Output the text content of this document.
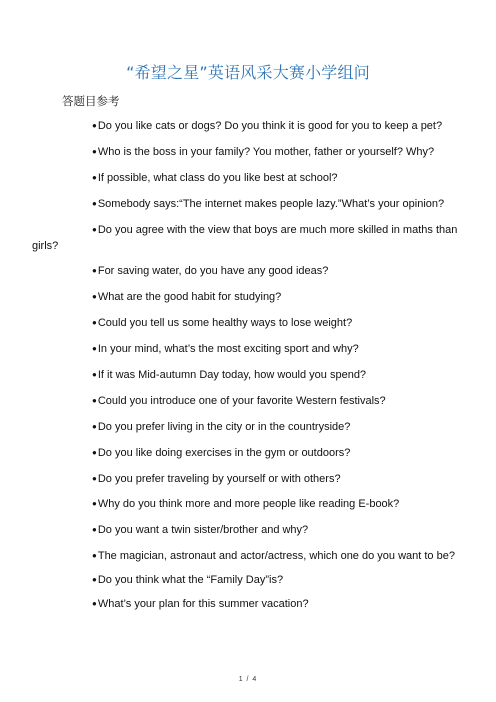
“希望之星”英语风采大赛小学组问
答题目参考
●Do you like cats or dogs? Do you think it is good for you to keep a pet?
●Who is the boss in your family? You mother, father or yourself? Why?
●If possible, what class do you like best at school?
●Somebody says:“The internet makes people lazy.”What’s your opinion?
●Do you agree with the view that boys are much more skilled in maths than girls?
●For saving water, do you have any good ideas?
●What are the good habit for studying?
●Could you tell us some healthy ways to lose weight?
●In your mind, what’s the most exciting sport and why?
●If it was Mid-autumn Day today, how would you spend?
●Could you introduce one of your favorite Western festivals?
●Do you prefer living in the city or in the countryside?
●Do you like doing exercises in the gym or outdoors?
●Do you prefer traveling by yourself or with others?
●Why do you think more and more people like reading E-book?
●Do you want a twin sister/brother and why?
●The magician, astronaut and actor/actress, which one do you want to be?
●Do you think what the “Family Day”is?
●What’s your plan for this summer vacation?
1 / 4
